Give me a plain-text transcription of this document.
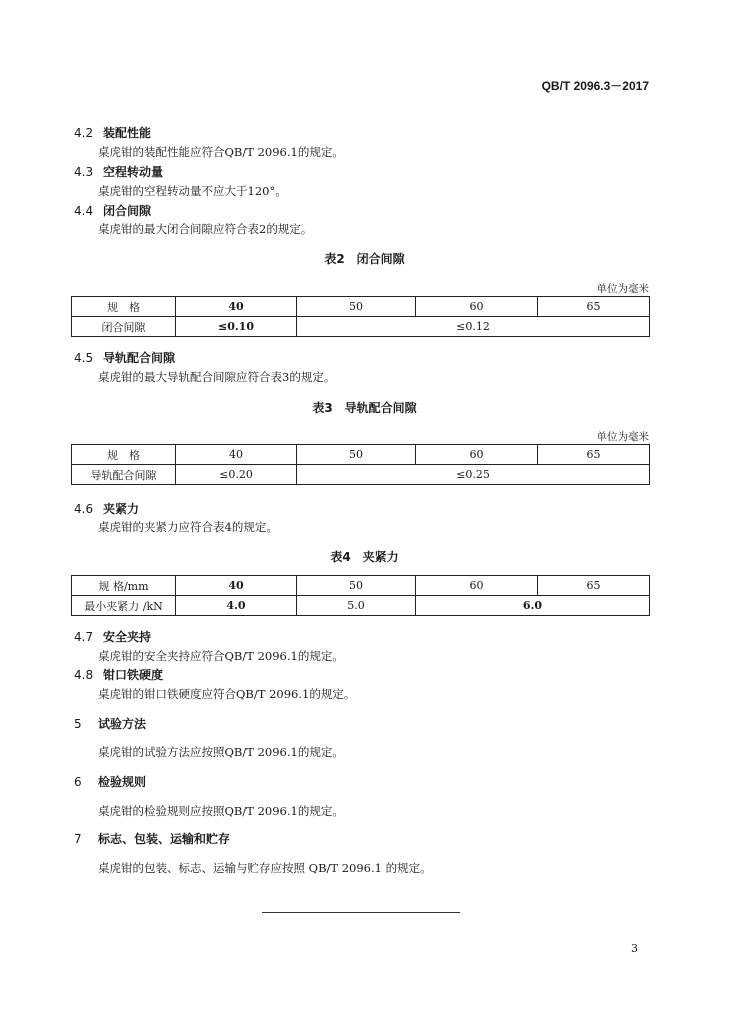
QB/T 2096.3－2017
4.2 装配性能
桌虎钳的装配性能应符合QB/T 2096.1的规定。
4.3 空程转动量
桌虎钳的空程转动量不应大于120°。
4.4 闭合间隙
桌虎钳的最大闭合间隙应符合表2的规定。
表2　闭合间隙
单位为毫米
规　格	40	50	60	65
闭合间隙	≤0.10	≤0.12		
4.5 导轨配合间隙
桌虎钳的最大导轨配合间隙应符合表3的规定。
表3　导轨配合间隙
单位为毫米
规　格	40	50	60	65
导轨配合间隙	≤0.20	≤0.25		
4.6 夹紧力
桌虎钳的夹紧力应符合表4的规定。
表4　夹紧力
规 格/mm	40	50	60	65
最小夹紧力 /kN	4.0	5.0	6.0	
4.7 安全夹持
桌虎钳的安全夹持应符合QB/T 2096.1的规定。
4.8 钳口铁硬度
桌虎钳的钳口铁硬度应符合QB/T 2096.1的规定。
5 试验方法
桌虎钳的试验方法应按照QB/T 2096.1的规定。
6 检验规则
桌虎钳的检验规则应按照QB/T 2096.1的规定。
7 标志、包装、运输和贮存
桌虎钳的包装、标志、运输与贮存应按照 QB/T 2096.1 的规定。
3
